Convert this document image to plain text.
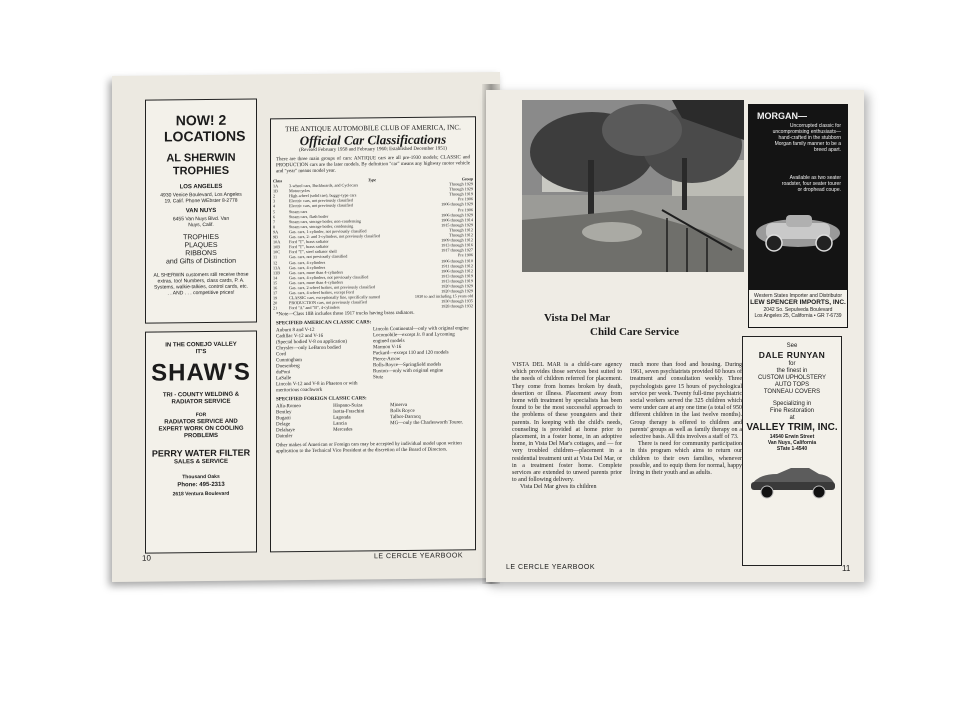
NOW! 2 LOCATIONS
AL SHERWIN TROPHIES
LOS ANGELES
4930 Venice Boulevard, Los Angeles 19, Calif. Phone WEbster 8-2778
VAN NUYS
6455 Van Nuys Blvd. Van Nuys, Calif.
TROPHIES
PLAQUES
RIBBONS
and Gifts of Distinction
AL SHERWIN customers still receive those extras, too! Numbers, class cards, P. A. Systems, walkie-talkies, control cards, etc. . . AND . . . competitive prices!
IN THE CONEJO VALLEY IT'S
SHAW'S
TRI - COUNTY WELDING & RADIATOR SERVICE
FOR
RADIATOR SERVICE AND EXPERT WORK ON COOLING PROBLEMS
PERRY WATER FILTER
SALES & SERVICE
Thousand Oaks
Phone: 495-2313
2618 Ventura Boulevard
THE ANTIQUE AUTOMOBILE CLUB OF AMERICA, INC.
Official Car Classifications
(Revised February 1958 and February 1960; Established December 1951)
There are three main groups of cars: ANTIQUE cars are all pre-1930 models; CLASSIC and PRODUCTION cars are the later models. By definition "car" means any highway motor vehicle and "year" means model year.
Class	Type	Group
1A	3-wheel cars, Buckboards, and Cyclecars	Through 1929
1B	Motorcycles	Through 1929
2	High-wheel (solid tire), buggy-type cars	Through 1919
3	Electric cars, not previously classified	Pre 1906
4	Electric cars, not previously classified	1906 through 1929
5	Steam cars	Pre 1906
6	Steam cars, flash boiler	1906 through 1929
7	Steam cars, storage boiler, non-condensing	1906 through 1914
8	Steam cars, storage boiler, condensing	1915 through 1929
9A	Gas. cars, 1-cylinder, not previously classified	Through 1912
9B	Gas. cars, 2- and 3-cylinders, not previously classified	Through 1912
10A	Ford "T", brass radiator	1909 through 1912
10B	Ford "T", brass radiator	1913 through 1916
10C	Ford "T", steel radiator shell	1917 through 1927
11	Gas. cars, not previously classified	Pre 1906
12	Gas. cars, 4-cylinders	1906 through 1910
13A	Gas. cars, 4-cylinders	1911 through 1912
13B	Gas. cars, more than 4-cylinders	1906 through 1912
14	Gas. cars, 4-cylinders, not previously classified	1913 through 1919
15	Gas. cars, more than 4-cylinders	1913 through 1919
16	Gas. cars, 2-wheel brakes, not previously classified	1920 through 1929
17	Gas. cars, 4-wheel brakes, except Ford	1920 through 1929
19	CLASSIC cars, exceptionally fine, specifically named	1930 to and including 15 years old
20	PRODUCTION cars, not previously classified	1930 through 1935
21	Ford "A" and "B", 4-cylinders	1928 through 1932
*Note—Class 10B includes those 1917 trucks having brass radiators.
SPECIFIED AMERICAN CLASSIC CARS:
Auburn 8 and V-12
Cadillac V-12 and V-16
(Special bodied V-8 on application)
Chrysler—only LeBaron bodied
Cord
Cunningham
Duesenberg
duPont
LaSalle
Lincoln V-12 and V-8 in Phaeton or with meritorious coachwork
Lincoln Continental—only with original engine
Locomobile—except Jr. 8 and Lycoming engined models
Marmon V-16
Packard—except 110 and 120 models
Pierce-Arrow
Rolls-Royce—Springfield models
Ruxton—only with original engine
Stutz
SPECIFIED FOREIGN CLASSIC CARS:
Alfa-Romeo
Bentley
Bugatti
Delage
Delahaye
Daimler
Hispano-Suiza
Isotta-Fraschini
Lagonda
Lancia
Mercedes
Minerva
Rolls Royce
Talbot-Darracq
MG—only the Charlesworth Tourer.
Other makes of American or Foreign cars may be accepted by individual model upon written application to the Technical Vice President at the discretion of the Board of Directors.
10	LE CERCLE YEARBOOK
MORGAN—
Uncorrupted classic for uncompromising enthusiasts—hand-crafted in the stubborn Morgan family manner to be a breed apart.
Available as two seater roadster, four seater tourer or drophead coupe.
Western States Importer and Distributor
LEW SPENCER IMPORTS, INC.
2042 So. Sepulveda Boulevard
Los Angeles 25, California • GR 7-6739
Vista Del Mar
Child Care Service
VISTA DEL MAR is a child-care agency which provides those services best suited to the needs of children referred for placement. They come from homes broken by death, desertion or illness. Placement away from home with treatment by specialists has been found to be the most successful approach to the problems of these youngsters and their parents. In keeping with the child's needs, counseling is provided at home prior to placement, in a foster home, in an adoptive home, in Vista Del Mar's cottages, and — for very troubled children—placement in a residential treatment unit at Vista Del Mar, or in a treatment foster home. Complete services are extended to unwed parents prior to and following delivery.
Vista Del Mar gives its children
much more than food and housing. During 1961, seven psychiatrists provided 60 hours of treatment and consultation weekly. Three psychologists gave 15 hours of psychological service per week. Twenty full-time psychiatric social workers served the 325 children which were under care at any one time (a total of 950 different children in the last twelve months). Group therapy is offered to children and parents' groups as well as family therapy on a selective basis. All this involves a staff of 73.
There is need for community participation in this program which aims to return our children to their own families, whenever possible, and to equip them for normal, happy living in their youth and as adults.
See
DALE RUNYAN
for
the finest in
CUSTOM UPHOLSTERY
AUTO TOPS
TONNEAU COVERS
Specializing in
Fine Restoration
at
VALLEY TRIM, INC.
14540 Erwin Street
Van Nuys, California
STate 1-4540
LE CERCLE YEARBOOK	11
